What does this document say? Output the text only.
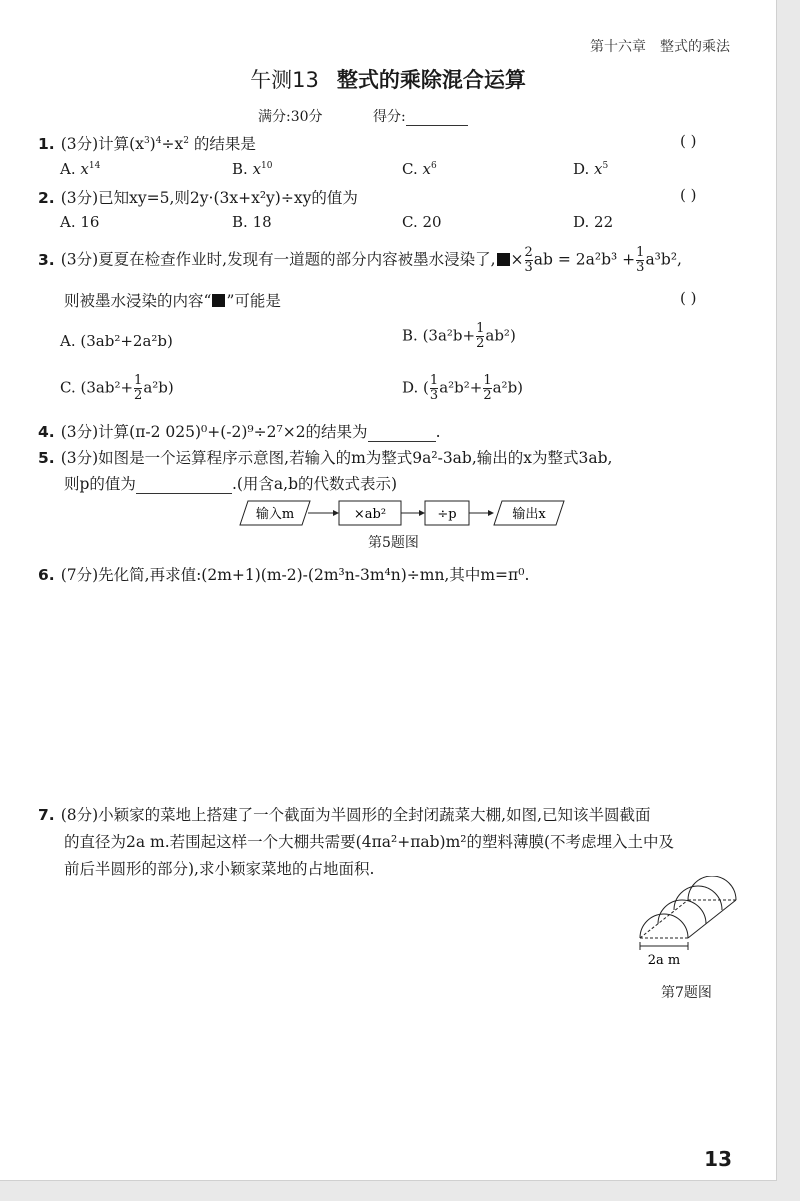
第十六章 整式的乘法
午测13 整式的乘除混合运算
满分:30分	得分:
1. (3分)计算$(x^3)^4\div x^2$ 的结果是	( )
A. $x^{14}$	B. $x^{10}$	C. $x^6$	D. $x^5$
2. (3分)已知xy=5,则2y·(3x+x²y)÷xy的值为	( )
A. 16	B. 18	C. 20	D. 22
3. (3分)夏夏在检查作业时,发现有一道题的部分内容被墨水浸染了, × $\frac{2}{3}$ ab = $2a^2b^3 + \frac{1}{3} a^3b^2$,
则被墨水浸染的内容“ ”可能是	( )
A. (3ab²+2a²b)	B. $(3a^2b+ \frac{1}{2} ab^2)$
C. $(3ab^2+ \frac{1}{2} a^2b)$	D. ( $\frac{1}{3} a^2b^2+ \frac{1}{2} a^2b$)
4. (3分)计算(π-2 025)⁰+(-2)⁹÷2⁷×2的结果为	.
5. (3分)如图是一个运算程序示意图,若输入的m为整式9a²-3ab,输出的x为整式3ab,
则p的值为	.(用含a,b的代数式表示)
输入m	×ab²	÷p	输出x
第5题图
6. (7分)先化简,再求值:(2m+1)(m-2)-(2m³n-3m⁴n)÷mn,其中m=π⁰.
7. (8分)小颖家的菜地上搭建了一个截面为半圆形的全封闭蔬菜大棚,如图,已知该半圆截面
的直径为2a m.若围起这样一个大棚共需要(4πa²+πab)m²的塑料薄膜(不考虑埋入土中及
前后半圆形的部分),求小颖家菜地的占地面积.
2a m
第7题图
13
